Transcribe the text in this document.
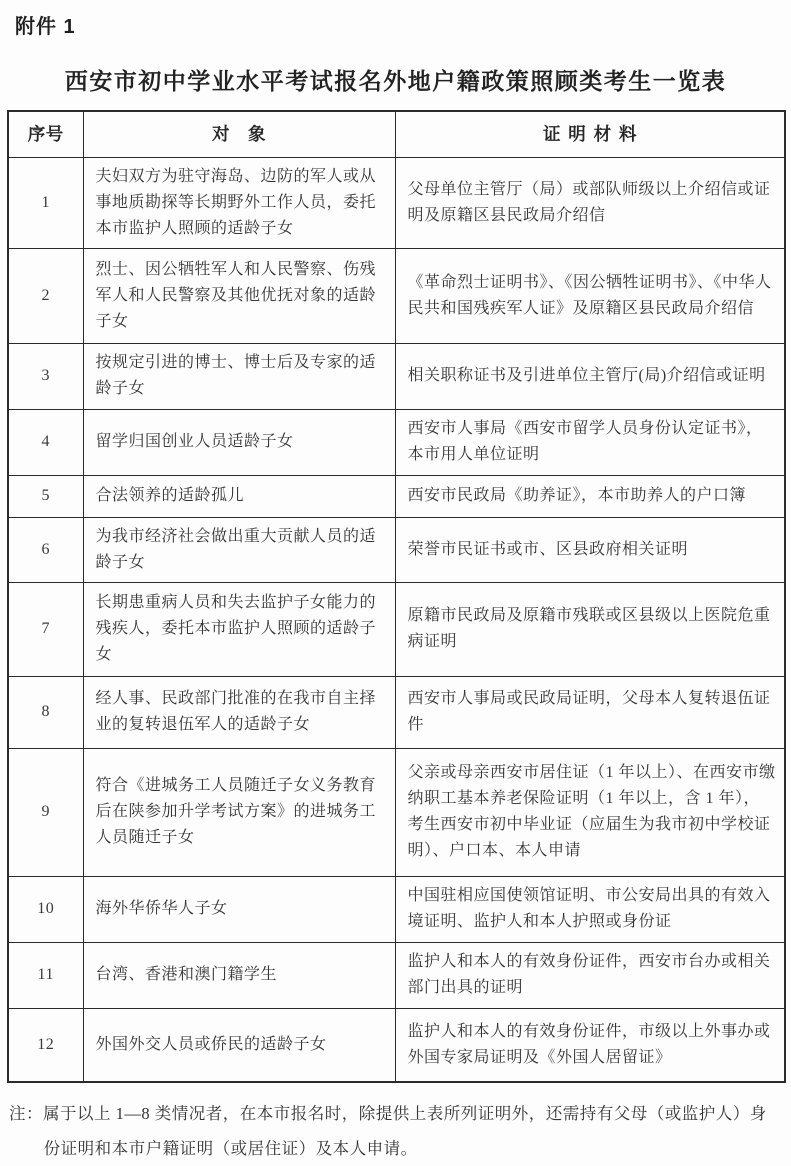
附件 1
西安市初中学业水平考试报名外地户籍政策照顾类考生一览表
序号	对　象	证明材料
1	夫妇双方为驻守海岛、边防的军人或从事地质勘探等长期野外工作人员，委托本市监护人照顾的适龄子女	父母单位主管厅（局）或部队师级以上介绍信或证明及原籍区县民政局介绍信
2	烈士、因公牺牲军人和人民警察、伤残军人和人民警察及其他优抚对象的适龄子女	《革命烈士证明书》、《因公牺牲证明书》、《中华人民共和国残疾军人证》及原籍区县民政局介绍信
3	按规定引进的博士、博士后及专家的适龄子女	相关职称证书及引进单位主管厅(局)介绍信或证明
4	留学归国创业人员适龄子女	西安市人事局《西安市留学人员身份认定证书》，本市用人单位证明
5	合法领养的适龄孤儿	西安市民政局《助养证》，本市助养人的户口簿
6	为我市经济社会做出重大贡献人员的适龄子女	荣誉市民证书或市、区县政府相关证明
7	长期患重病人员和失去监护子女能力的残疾人，委托本市监护人照顾的适龄子女	原籍市民政局及原籍市残联或区县级以上医院危重病证明
8	经人事、民政部门批准的在我市自主择业的复转退伍军人的适龄子女	西安市人事局或民政局证明，父母本人复转退伍证件
9	符合《进城务工人员随迁子女义务教育后在陕参加升学考试方案》的进城务工人员随迁子女	父亲或母亲西安市居住证（1 年以上）、在西安市缴纳职工基本养老保险证明（1 年以上，含 1 年），考生西安市初中毕业证（应届生为我市初中学校证明）、户口本、本人申请
10	海外华侨华人子女	中国驻相应国使领馆证明、市公安局出具的有效入境证明、监护人和本人护照或身份证
11	台湾、香港和澳门籍学生	监护人和本人的有效身份证件，西安市台办或相关部门出具的证明
12	外国外交人员或侨民的适龄子女	监护人和本人的有效身份证件，市级以上外事办或外国专家局证明及《外国人居留证》
注：属于以上 1—8 类情况者，在本市报名时，除提供上表所列证明外，还需持有父母（或监护人）身份证明和本市户籍证明（或居住证）及本人申请。
